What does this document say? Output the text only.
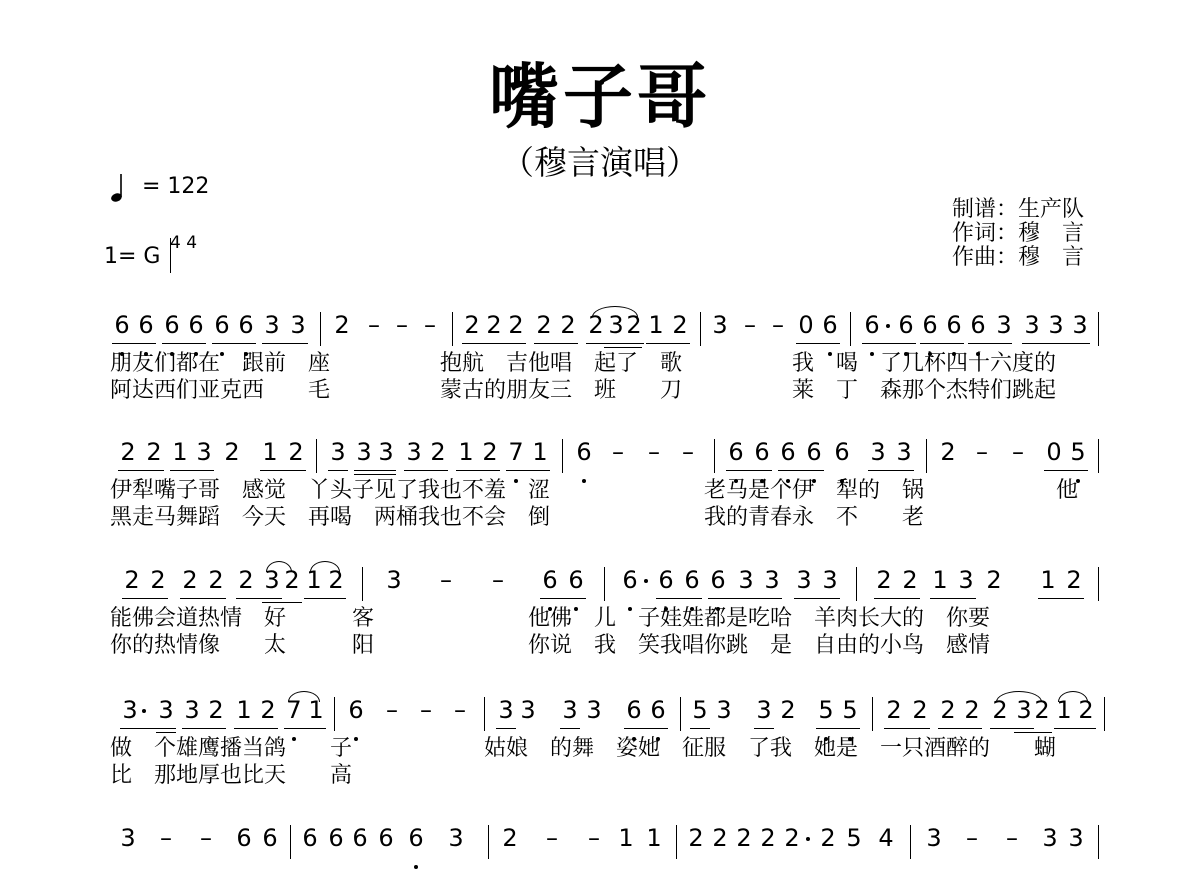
嘴子哥
（穆言演唱）
= 122
1= G
4 4
制谱：生产队
作词：穆　言
作曲：穆　言
6 6 6 6 6 6 3 3 2 – – – 2 2 2 2 2 2 3 2 1 2 3 – – 0 6 6 6 6 6 6 3 3 3 3
朋友们都在　跟前　座　　　　　抱航　吉他唱　起了　歌　　　　　我　喝　了几杯四十六度的
阿达西们亚克西　　毛　　　　　蒙古的朋友三　班　　刀　　　　　莱　丁　森那个杰特们跳起
2 2 1 3 2 1 2 3 3 3 3 2 1 2 7 1 6 – – – 6 6 6 6 6 3 3 2 – – 0 5
伊犁嘴子哥　感觉　丫头子见了我也不羞　涩　　　　　　　老马是个伊　犁的　锅　　　　　　他
黑走马舞蹈　今天　再喝　两桶我也不会　倒　　　　　　　我的青春永　不　　老
2 2 2 2 2 3 2 1 2 3 – – 6 6 6 6 6 6 3 3 3 3 2 2 1 3 2 1 2
能佛会道热情　好　　　客　　　　　　　他佛　儿　子娃娃都是吃哈　羊肉长大的　你要
你的热情像　　太　　　阳　　　　　　　你说　我　笑我唱你跳　是　自由的小鸟　感情
3 3 3 2 1 2 7 1 6 – – – 3 3 3 3 6 6 5 3 3 2 5 5 2 2 2 2 2 3 2 1 2
做　个雄鹰播当鸽　　子　　　　　　姑娘　的舞　姿她　征服　了我　她是　一只酒醉的　　蝴
比　那地厚也比天　　高
3 – – 6 6 6 6 6 6 6 3 2 – – 1 1 2 2 2 2 2 2 5 4 3 – – 3 3
